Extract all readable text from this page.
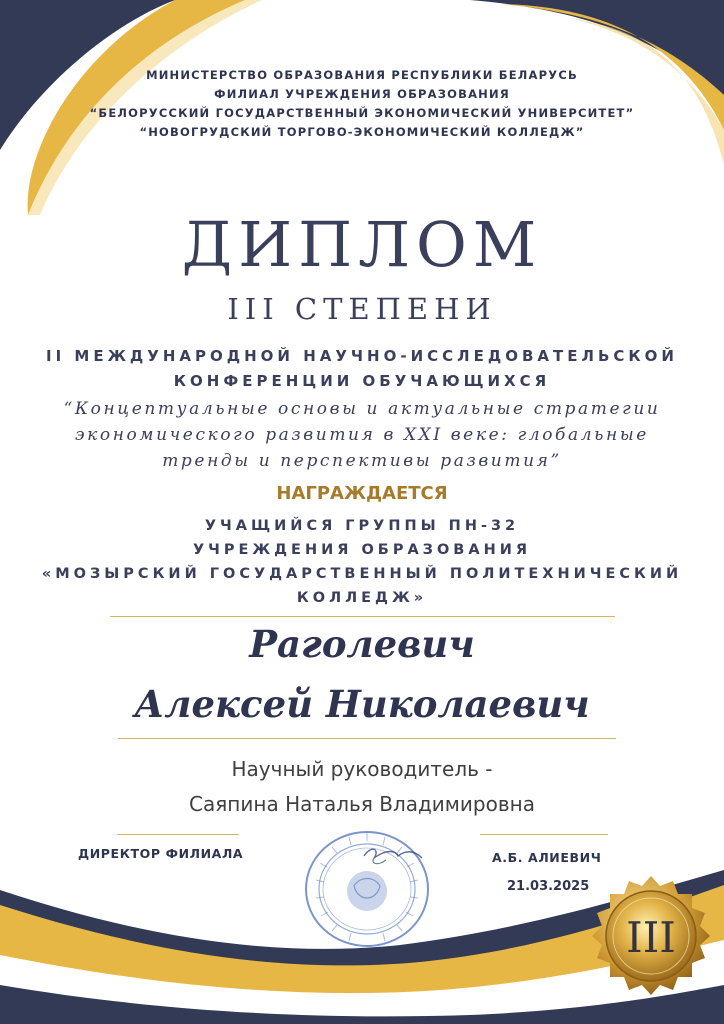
МИНИСТЕРСТВО ОБРАЗОВАНИЯ РЕСПУБЛИКИ БЕЛАРУСЬ
ФИЛИАЛ УЧРЕЖДЕНИЯ ОБРАЗОВАНИЯ
“БЕЛОРУССКИЙ ГОСУДАРСТВЕННЫЙ ЭКОНОМИЧЕСКИЙ УНИВЕРСИТЕТ”
“НОВОГРУДСКИЙ ТОРГОВО-ЭКОНОМИЧЕСКИЙ КОЛЛЕДЖ”
ДИПЛОМ
III СТЕПЕНИ
II МЕЖДУНАРОДНОЙ НАУЧНО-ИССЛЕДОВАТЕЛЬСКОЙ
КОНФЕРЕНЦИИ ОБУЧАЮЩИХСЯ
“Концептуальные основы и актуальные стратегии
экономического развития в XXI веке: глобальные
тренды и перспективы развития”
НАГРАЖДАЕТСЯ
УЧАЩИЙСЯ ГРУППЫ ПН-32
УЧРЕЖДЕНИЯ ОБРАЗОВАНИЯ
«МОЗЫРСКИЙ ГОСУДАРСТВЕННЫЙ ПОЛИТЕХНИЧЕСКИЙ
КОЛЛЕДЖ»
Раголевич
Алексей Николаевич
Научный руководитель -
Саяпина Наталья Владимировна
ДИРЕКТОР ФИЛИАЛА	А.Б. АЛИЕВИЧ
21.03.2025
III
